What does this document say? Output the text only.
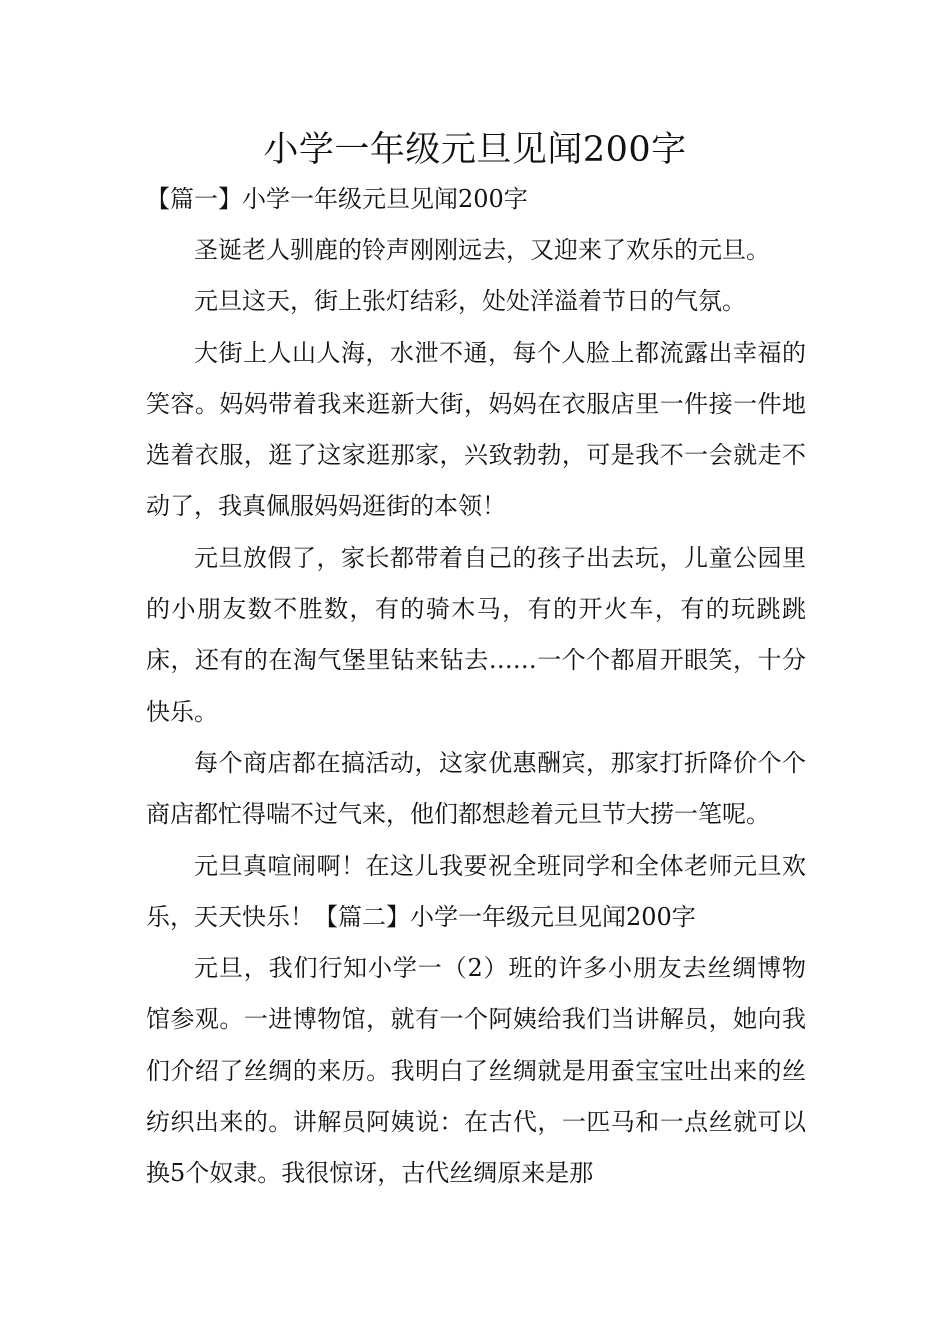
小学一年级元旦见闻200字
【篇一】小学一年级元旦见闻200字

圣诞老人驯鹿的铃声刚刚远去，又迎来了欢乐的元旦。

元旦这天，街上张灯结彩，处处洋溢着节日的气氛。

大街上人山人海，水泄不通，每个人脸上都流露出幸福的笑容。妈妈带着我来逛新大街，妈妈在衣服店里一件接一件地选着衣服，逛了这家逛那家，兴致勃勃，可是我不一会就走不动了，我真佩服妈妈逛街的本领！

元旦放假了，家长都带着自己的孩子出去玩，儿童公园里的小朋友数不胜数，有的骑木马，有的开火车，有的玩跳跳床，还有的在淘气堡里钻来钻去……一个个都眉开眼笑，十分快乐。

每个商店都在搞活动，这家优惠酬宾，那家打折降价个个商店都忙得喘不过气来，他们都想趁着元旦节大捞一笔呢。

元旦真喧闹啊！在这儿我要祝全班同学和全体老师元旦欢乐，天天快乐！【篇二】小学一年级元旦见闻200字

元旦，我们行知小学一（2）班的许多小朋友去丝绸博物馆参观。一进博物馆，就有一个阿姨给我们当讲解员，她向我们介绍了丝绸的来历。我明白了丝绸就是用蚕宝宝吐出来的丝纺织出来的。讲解员阿姨说：在古代，一匹马和一点丝就可以换5个奴隶。我很惊讶，古代丝绸原来是那
